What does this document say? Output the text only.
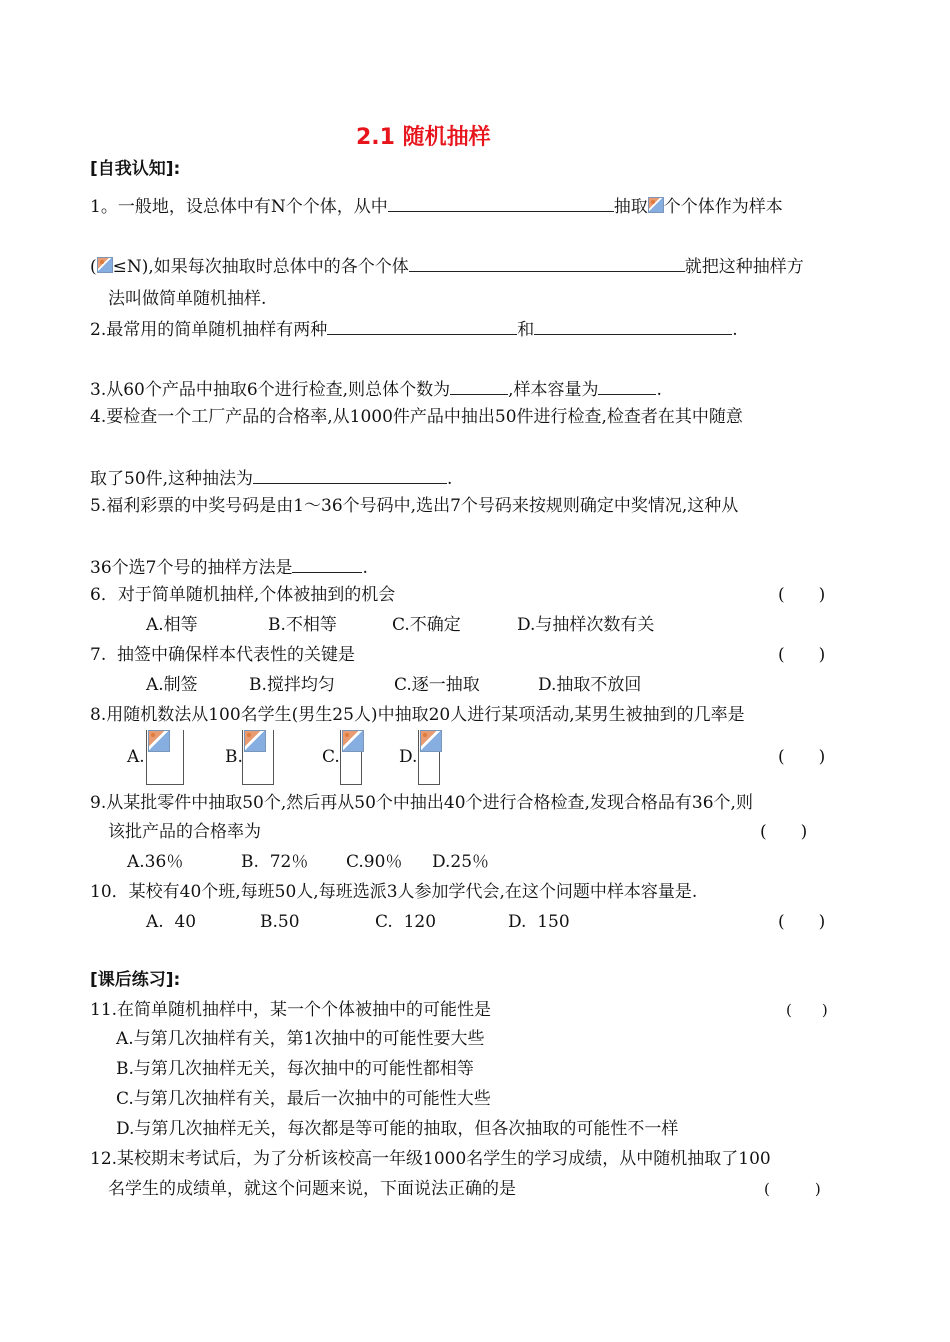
2.1 随机抽样
[自我认知]:
1。一般地，设总体中有N个个体，从中	抽取 个个体作为样本
( ≤N),如果每次抽取时总体中的各个个体	就把这种抽样方
法叫做简单随机抽样.
2.最常用的简单随机抽样有两种	和	.
3.从60个产品中抽取6个进行检查,则总体个数为	,样本容量为	.
4.要检查一个工厂产品的合格率,从1000件产品中抽出50件进行检查,检查者在其中随意
取了50件,这种抽法为	.
5.福利彩票的中奖号码是由1～36个号码中,选出7个号码来按规则确定中奖情况,这种从
36个选7个号的抽样方法是	.
6．对于简单随机抽样,个体被抽到的机会	(　　)
A.相等	B.不相等	C.不确定	D.与抽样次数有关
7.  抽签中确保样本代表性的关键是	(　　)
A.制签	B.搅拌均匀	C.逐一抽取	D.抽取不放回
8.用随机数法从100名学生(男生25人)中抽取20人进行某项活动,某男生被抽到的几率是
A.	B.	C.	D.	(　　)
9.从某批零件中抽取50个,然后再从50个中抽出40个进行合格检查,发现合格品有36个,则
该批产品的合格率为	(　　)
A.36％	B.  72％ C.90％ D.25％
10．某校有40个班,每班50人,每班选派3人参加学代会,在这个问题中样本容量是.
A.  40	B.50	C.  120	D.  150	(　　)
[课后练习]:
11.在简单随机抽样中，某一个个体被抽中的可能性是	(　　)
A.与第几次抽样有关，第1次抽中的可能性要大些
B.与第几次抽样无关，每次抽中的可能性都相等
C.与第几次抽样有关，最后一次抽中的可能性大些
D.与第几次抽样无关，每次都是等可能的抽取，但各次抽取的可能性不一样
12.某校期末考试后，为了分析该校高一年级1000名学生的学习成绩，从中随机抽取了100
名学生的成绩单，就这个问题来说，下面说法正确的是	(　　　)
